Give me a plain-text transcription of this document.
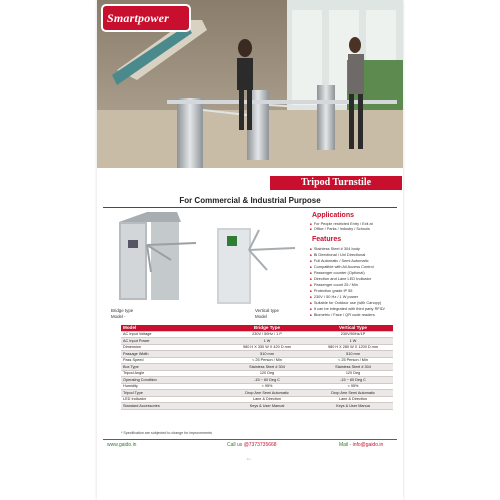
Smartpower
Tripod Turnstile
For Commercial & Industrial Purpose
Bridge type
Model -
Vertical type
Model
Applications
■ For People restricted Entry / Exit at
■ Office / Parks / Industry / Schools
Features
■ Stainless Steel # 304 body
■ Bi Directional / Uni Directional
■ Full Automatic / Semi Automatic
■ Compatible with All Access Control
■ Passenger counter (Optional)
■ Direction and Lane LED Indicator
■ Passenger count 25 / Min
■ Protection grade IP 55
■ 230V / 50 Hz / 1 W power
■ Suitable for Outdoor use (with Canopy)
■ It can be integrated with third party RFID/
■ Biometric / Face / QR code readers
Model	Bridge Type	Vertical Type
AC Input Voltage	230V / 50Hz / 1 P	230V/50Hz/1P
AC Input Power	1 W	1 W
Dimension	980 H X 330 W X 420 D mm	980 H X 280 W X 1200 D mm
Passage Width	510 mm	510 mm
Pass Speed	< 25 Person / Min	< 25 Person / Min
Box Type	Stainless Steel # 304	Stainless Steel # 304
Tripod Angle	120 Deg	120 Deg
Operating Condition	-15 ~ 60 Deg C	-15 ~ 60 Deg C
Humidity	< 95%	< 95%
Tripod Type	Drop Arm Semi Automatic	Drop Arm Semi Automatic
LED Indicator	Lane & Direction	Lane & Direction
Standard Accessories	Keys & User Manual	Keys & User Manua
* Specification are subjected to change for improvements
www.gaido.in	Call us @7373735668	Mail - info@gaido.in
- 11 -
